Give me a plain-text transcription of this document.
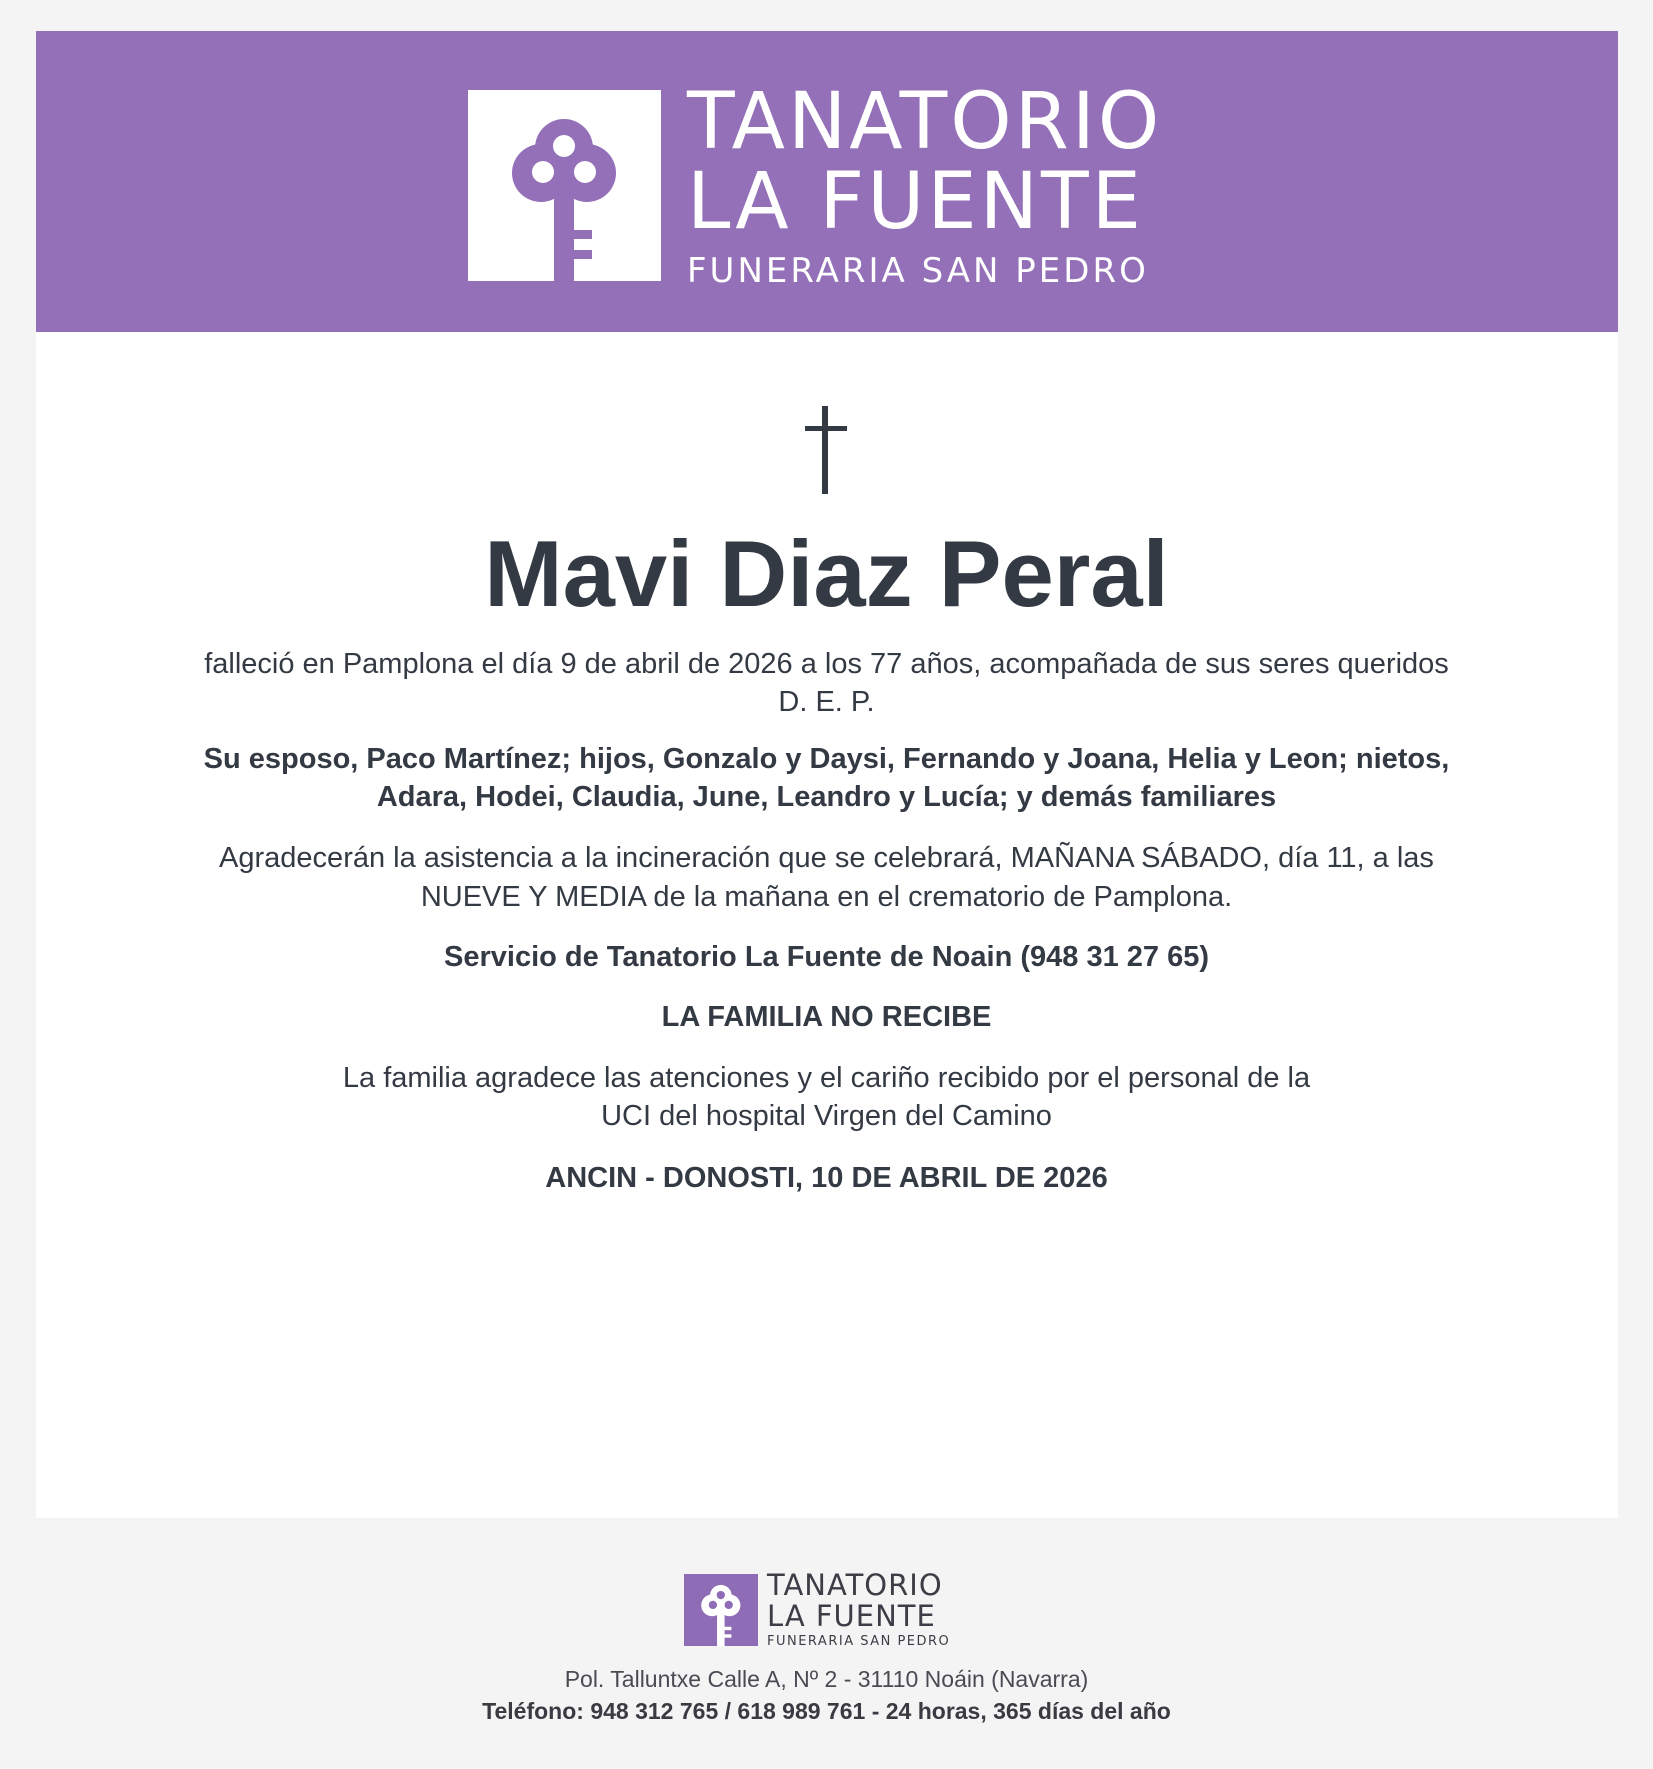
TANATORIO
LA FUENTE
FUNERARIA SAN PEDRO
Mavi Diaz Peral
falleció en Pamplona el día 9 de abril de 2026 a los 77 años, acompañada de sus seres queridos
D. E. P.
Su esposo, Paco Martínez; hijos, Gonzalo y Daysi, Fernando y Joana, Helia y Leon; nietos,
Adara, Hodei, Claudia, June, Leandro y Lucía; y demás familiares
Agradecerán la asistencia a la incineración que se celebrará, MAÑANA SÁBADO, día 11, a las
NUEVE Y MEDIA de la mañana en el crematorio de Pamplona.
Servicio de Tanatorio La Fuente de Noain (948 31 27 65)
LA FAMILIA NO RECIBE
La familia agradece las atenciones y el cariño recibido por el personal de la
UCI del hospital Virgen del Camino
ANCIN - DONOSTI, 10 DE ABRIL DE 2026
TANATORIO
LA FUENTE
FUNERARIA SAN PEDRO
Pol. Talluntxe Calle A, Nº 2 - 31110 Noáin (Navarra)
Teléfono: 948 312 765 / 618 989 761 - 24 horas, 365 días del año
